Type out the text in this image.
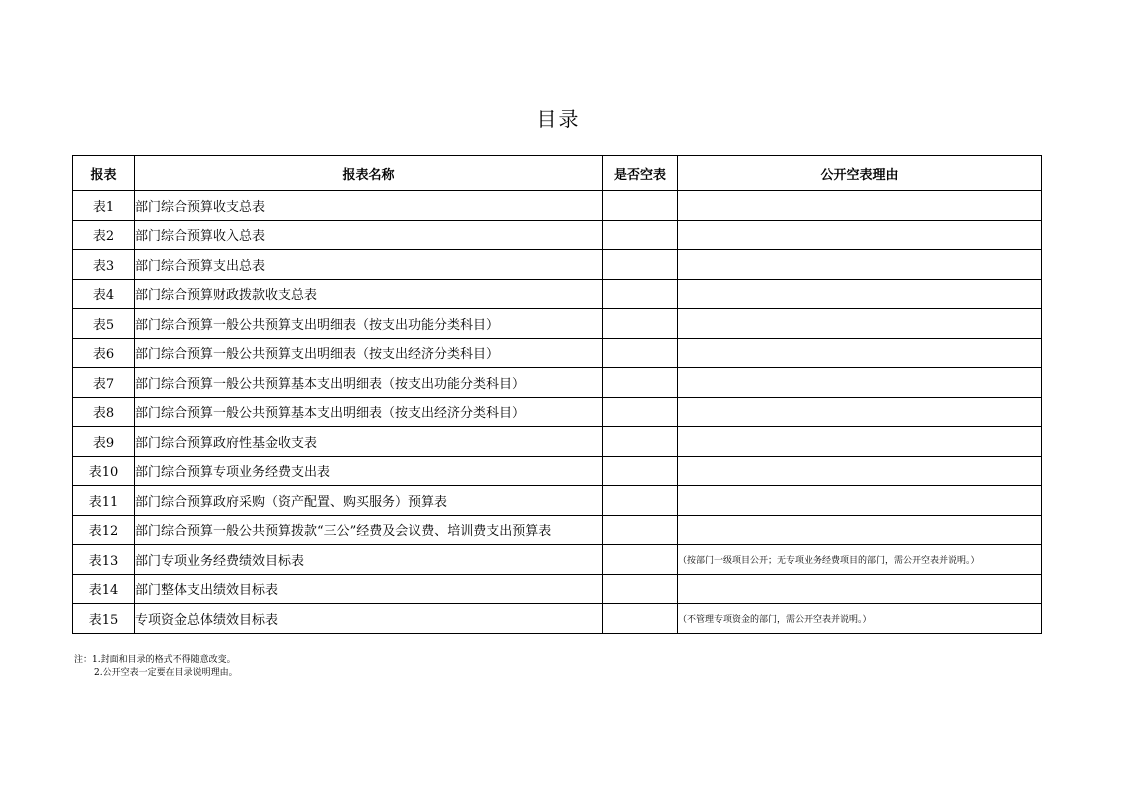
目录
报表	报表名称	是否空表	公开空表理由
表1	部门综合预算收支总表		
表2	部门综合预算收入总表		
表3	部门综合预算支出总表		
表4	部门综合预算财政拨款收支总表		
表5	部门综合预算一般公共预算支出明细表（按支出功能分类科目）		
表6	部门综合预算一般公共预算支出明细表（按支出经济分类科目）		
表7	部门综合预算一般公共预算基本支出明细表（按支出功能分类科目）		
表8	部门综合预算一般公共预算基本支出明细表（按支出经济分类科目）		
表9	部门综合预算政府性基金收支表		
表10	部门综合预算专项业务经费支出表		
表11	部门综合预算政府采购（资产配置、购买服务）预算表		
表12	部门综合预算一般公共预算拨款“三公”经费及会议费、培训费支出预算表		
表13	部门专项业务经费绩效目标表		（按部门一级项目公开；无专项业务经费项目的部门，需公开空表并说明。）
表14	部门整体支出绩效目标表		
表15	专项资金总体绩效目标表		（不管理专项资金的部门，需公开空表并说明。）
注：1.封面和目录的格式不得随意改变。
2.公开空表一定要在目录说明理由。
